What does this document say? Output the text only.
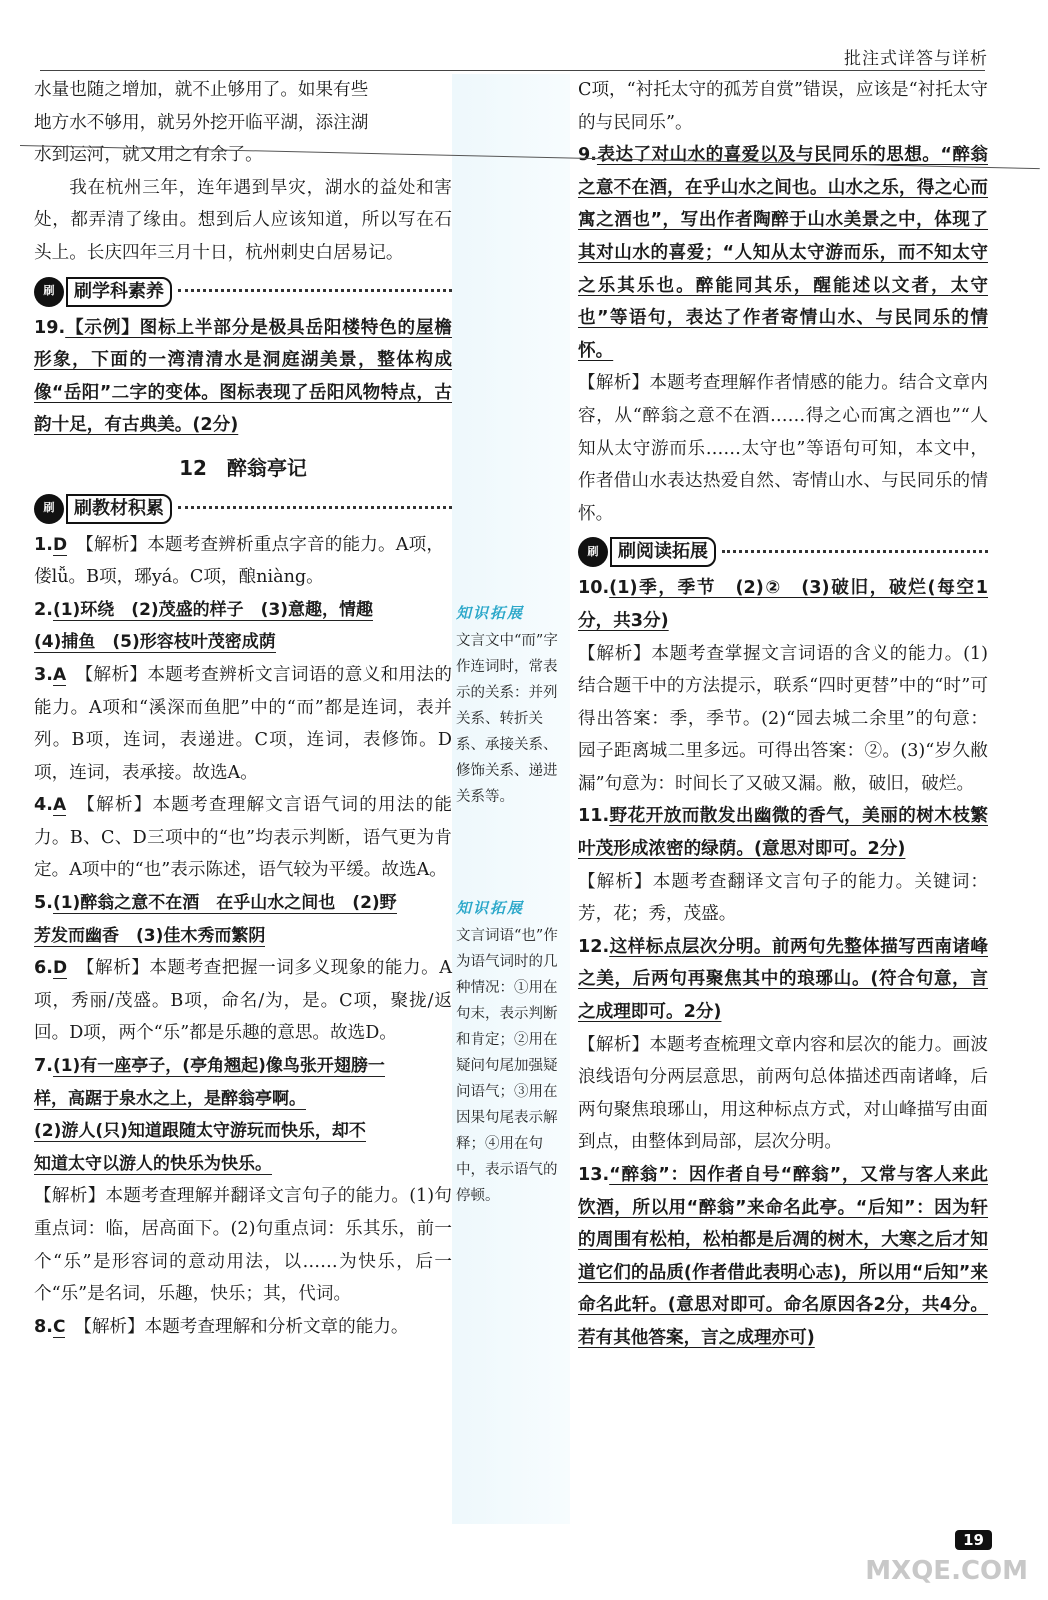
批注式详答与详析

水量也随之增加，就不止够用了。如果有些

地方水不够用，就另外挖开临平湖，添注湖

水到运河，就又用之有余了。

我在杭州三年，连年遇到旱灾，湖水的益处和害处，都弄清了缘由。想到后人应该知道，所以写在石头上。长庆四年三月十日，杭州刺史白居易记。

刷	刷学科素养

19.【示例】图标上半部分是极具岳阳楼特色的屋檐形象，下面的一湾清清水是洞庭湖美景，整体构成像“岳阳”二字的变体。图标表现了岳阳风物特点，古韵十足，有古典美。(2分)

12　醉翁亭记
刷	刷教材积累

1.D　 【解析】本题考查辨析重点字音的能力。A项，偻lǚ。B项，琊yá。C项，酿niàng。

2.(1)环绕　(2)茂盛的样子　(3)意趣，情趣
(4)捕鱼　(5)形容枝叶茂密成荫

3.A　 【解析】本题考查辨析文言词语的意义和用法的能力。A项和“溪深而鱼肥”中的“而”都是连词，表并列。B项，连词，表递进。C项，连词，表修饰。D项，连词，表承接。故选A。

4.A　 【解析】本题考查理解文言语气词的用法的能力。B、C、D三项中的“也”均表示判断，语气更为肯定。A项中的“也”表示陈述，语气较为平缓。故选A。

5.(1)醉翁之意不在酒　在乎山水之间也　(2)野
芳发而幽香　(3)佳木秀而繁阴

6.D　 【解析】本题考查把握一词多义现象的能力。A项，秀丽/茂盛。B项，命名/为，是。C项，聚拢/返回。D项，两个“乐”都是乐趣的意思。故选D。

7.(1)有一座亭子，(亭角翘起)像鸟张开翅膀一
样，高踞于泉水之上，是醉翁亭啊。
(2)游人(只)知道跟随太守游玩而快乐，却不
知道太守以游人的快乐为快乐。

【解析】本题考查理解并翻译文言句子的能力。(1)句重点词：临，居高面下。(2)句重点词：乐其乐，前一个“乐”是形容词的意动用法，以……为快乐，后一个“乐”是名词，乐趣，快乐；其，代词。

8.C　 【解析】本题考查理解和分析文章的能力。

知识拓展
文言文中“而”字作连词时，常表示的关系：并列关系、转折关系、承接关系、修饰关系、递进关系等。
知识拓展
文言词语“也”作为语气词时的几种情况：①用在句末，表示判断和肯定；②用在疑问句尾加强疑问语气；③用在因果句尾表示解释；④用在句中，表示语气的停顿。

C项，“衬托太守的孤芳自赏”错误，应该是“衬托太守的与民同乐”。

9.表达了对山水的喜爱以及与民同乐的思想。“醉翁之意不在酒，在乎山水之间也。山水之乐，得之心而寓之酒也”，写出作者陶醉于山水美景之中，体现了其对山水的喜爱；“人知从太守游而乐，而不知太守之乐其乐也。醉能同其乐，醒能述以文者，太守也”等语句，表达了作者寄情山水、与民同乐的情怀。

【解析】本题考查理解作者情感的能力。结合文章内容，从“醉翁之意不在酒……得之心而寓之酒也”“人知从太守游而乐……太守也”等语句可知，本文中，作者借山水表达热爱自然、寄情山水、与民同乐的情怀。

刷	刷阅读拓展

10.(1)季，季节　(2)②　(3)破旧，破烂(每空1分，共3分)

【解析】本题考查掌握文言词语的含义的能力。(1)结合题干中的方法提示，联系“四时更替”中的“时”可得出答案：季，季节。(2)“园去城二余里”的句意：园子距离城二里多远。可得出答案：②。(3)“岁久敝漏”句意为：时间长了又破又漏。敝，破旧，破烂。

11.野花开放而散发出幽微的香气，美丽的树木枝繁叶茂形成浓密的绿荫。(意思对即可。2分)

【解析】本题考查翻译文言句子的能力。关键词：芳，花；秀，茂盛。

12.这样标点层次分明。前两句先整体描写西南诸峰之美，后两句再聚焦其中的琅琊山。(符合句意，言之成理即可。2分)

【解析】本题考查梳理文章内容和层次的能力。画波浪线语句分两层意思，前两句总体描述西南诸峰，后两句聚焦琅琊山，用这种标点方式，对山峰描写由面到点，由整体到局部，层次分明。

13.“醉翁”：因作者自号“醉翁”，又常与客人来此饮酒，所以用“醉翁”来命名此亭。“后知”：因为轩的周围有松柏，松柏都是后凋的树木，大寒之后才知道它们的品质(作者借此表明心志)，所以用“后知”来命名此轩。(意思对即可。命名原因各2分，共4分。若有其他答案，言之成理亦可)

19
MXQE.COM
